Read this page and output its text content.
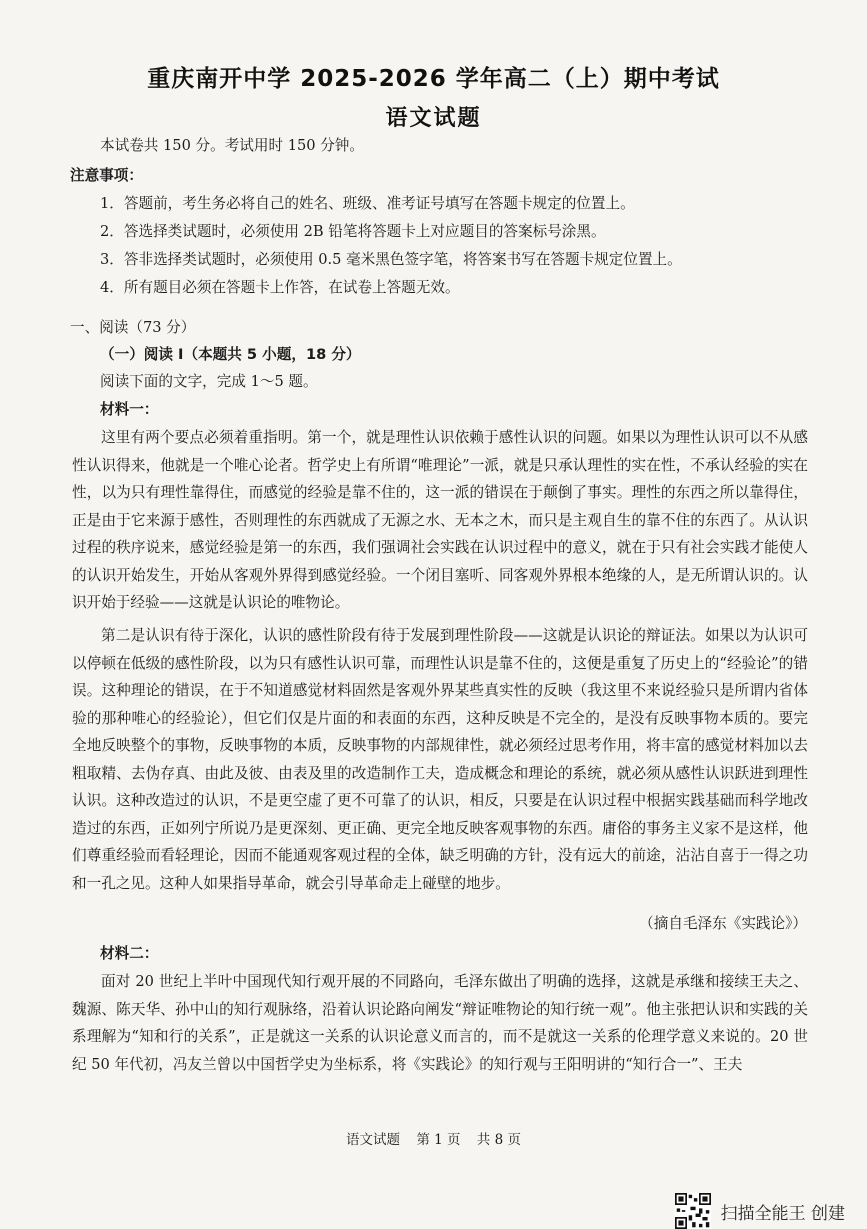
重庆南开中学 2025-2026 学年高二（上）期中考试
语文试题

本试卷共 150 分。考试用时 150 分钟。

注意事项：

1．答题前，考生务必将自己的姓名、班级、准考证号填写在答题卡规定的位置上。

2．答选择类试题时，必须使用 2B 铅笔将答题卡上对应题目的答案标号涂黑。

3．答非选择类试题时，必须使用 0.5 毫米黑色签字笔，将答案书写在答题卡规定位置上。

4．所有题目必须在答题卡上作答，在试卷上答题无效。

一、阅读（73 分）

（一）阅读 I（本题共 5 小题，18 分）

阅读下面的文字，完成 1～5 题。

材料一：

这里有两个要点必须着重指明。第一个，就是理性认识依赖于感性认识的问题。如果以为理性认识可以不从感性认识得来，他就是一个唯心论者。哲学史上有所谓“唯理论”一派，就是只承认理性的实在性，不承认经验的实在性，以为只有理性靠得住，而感觉的经验是靠不住的，这一派的错误在于颠倒了事实。理性的东西之所以靠得住，正是由于它来源于感性，否则理性的东西就成了无源之水、无本之木，而只是主观自生的靠不住的东西了。从认识过程的秩序说来，感觉经验是第一的东西，我们强调社会实践在认识过程中的意义，就在于只有社会实践才能使人的认识开始发生，开始从客观外界得到感觉经验。一个闭目塞听、同客观外界根本绝缘的人，是无所谓认识的。认识开始于经验——这就是认识论的唯物论。

第二是认识有待于深化，认识的感性阶段有待于发展到理性阶段——这就是认识论的辩证法。如果以为认识可以停顿在低级的感性阶段，以为只有感性认识可靠，而理性认识是靠不住的，这便是重复了历史上的“经验论”的错误。这种理论的错误，在于不知道感觉材料固然是客观外界某些真实性的反映（我这里不来说经验只是所谓内省体验的那种唯心的经验论），但它们仅是片面的和表面的东西，这种反映是不完全的，是没有反映事物本质的。要完全地反映整个的事物，反映事物的本质，反映事物的内部规律性，就必须经过思考作用，将丰富的感觉材料加以去粗取精、去伪存真、由此及彼、由表及里的改造制作工夫，造成概念和理论的系统，就必须从感性认识跃进到理性认识。这种改造过的认识，不是更空虚了更不可靠了的认识，相反，只要是在认识过程中根据实践基础而科学地改造过的东西，正如列宁所说乃是更深刻、更正确、更完全地反映客观事物的东西。庸俗的事务主义家不是这样，他们尊重经验而看轻理论，因而不能通观客观过程的全体，缺乏明确的方针，没有远大的前途，沾沾自喜于一得之功和一孔之见。这种人如果指导革命，就会引导革命走上碰壁的地步。

（摘自毛泽东《实践论》）

材料二：

面对 20 世纪上半叶中国现代知行观开展的不同路向，毛泽东做出了明确的选择，这就是承继和接续王夫之、魏源、陈天华、孙中山的知行观脉络，沿着认识论路向阐发“辩证唯物论的知行统一观”。他主张把认识和实践的关系理解为“知和行的关系”，正是就这一关系的认识论意义而言的，而不是就这一关系的伦理学意义来说的。20 世纪 50 年代初，冯友兰曾以中国哲学史为坐标系，将《实践论》的知行观与王阳明讲的“知行合一”、王夫

语文试题 第 1 页 共 8 页

扫描全能王 创建
